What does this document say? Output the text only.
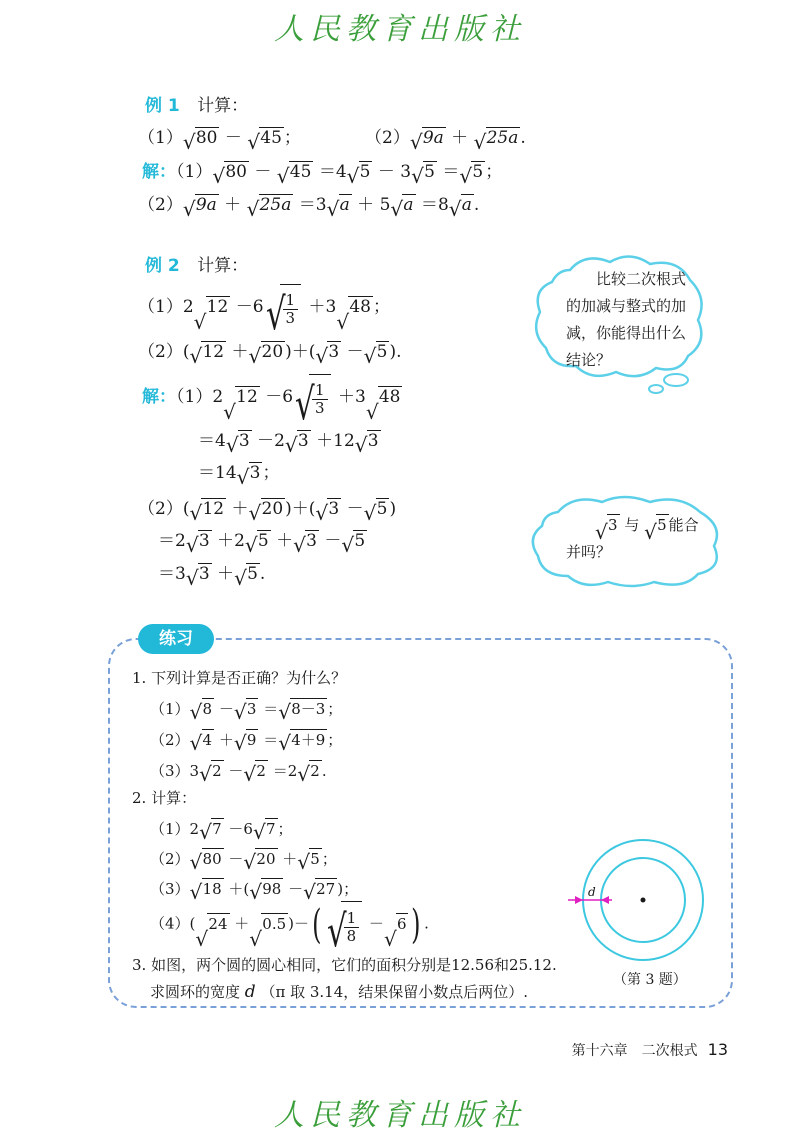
人民教育出版社
人民教育出版社
例 1 计算：
（1）√ 80 － √ 45 ；	（2）√ 9a ＋ √ 25a .
解：（1）√ 80 － √ 45 ＝4√ 5 － 3√ 5 ＝√ 5 ；
（2）√ 9a ＋ √ 25a ＝3√ a ＋ 5√ a ＝8√ a .
例 2 计算：
（1）2√ 12 －6
√ $\frac{1}{3} +3√$ 48 ；
（2）(√ 12 ＋√ 20 )＋(√ 3 －√ 5 ).
解：（1）2√ 12 －6
√ $\frac{1}{3} +3√$ 48
＝4√ 3 －2√ 3 ＋12√ 3
＝14√ 3 ；
（2）(√ 12 ＋√ 20 )＋(√ 3 －√ 5 )
＝2√ 3 ＋2√ 5 ＋√ 3 －√ 5
＝3√ 3 ＋√ 5 .
比较二次根式的加减与整式的加减，你能得出什么结论？
√ 3 与 √ 5 能合并吗？
练习
1. 下列计算是否正确？为什么？
（1）√ 8 －√ 3 ＝√ 8－3 ；
（2）√ 4 ＋√ 9 ＝√ 4＋9 ；
（3）3√ 2 －√ 2 ＝2√ 2 .
2. 计算：
（1）2√ 7 －6√ 7 ；
（2）√ 80 －√ 20 ＋√ 5 ；
（3）√ 18 ＋(√ 98 －√ 27 )；
（4）(√ 24 ＋√ 0.5 )－(
√ $\frac{1}{8}$ －√ 6 ) .
3. 如图，两个圆的圆心相同，它们的面积分别是12.56和25.12.
求圆环的宽度 d （π 取 3.14，结果保留小数点后两位）.
d
（第 3 题）
第十六章　二次根式 13
